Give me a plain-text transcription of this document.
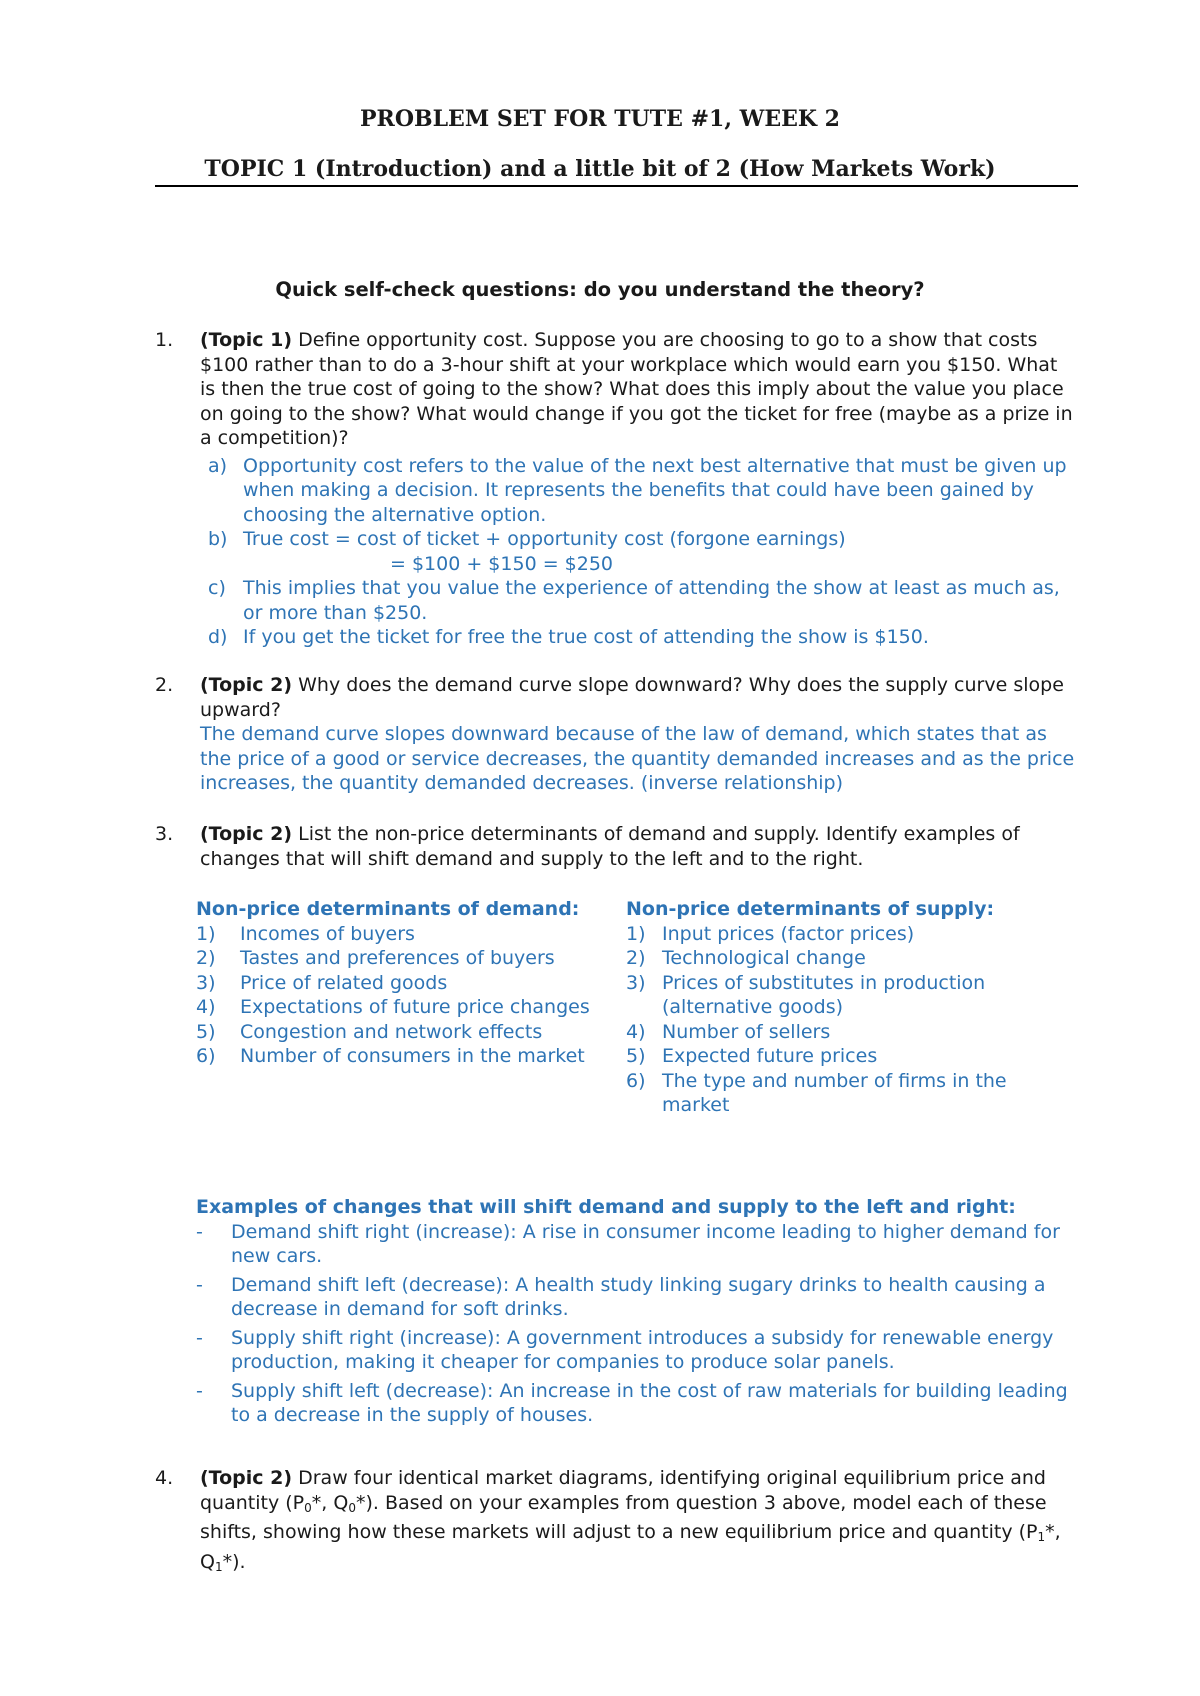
PROBLEM SET FOR TUTE #1, WEEK 2
TOPIC 1 (Introduction) and a little bit of 2 (How Markets Work)
Quick self-check questions: do you understand the theory?
1.	(Topic 1) Define opportunity cost. Suppose you are choosing to go to a show that costs $100 rather than to do a 3-hour shift at your workplace which would earn you $150. What is then the true cost of going to the show? What does this imply about the value you place on going to the show? What would change if you got the ticket for free (maybe as a prize in a competition)?
a) Opportunity cost refers to the value of the next best alternative that must be given up when making a decision. It represents the benefits that could have been gained by choosing the alternative option.
b) True cost = cost of ticket + opportunity cost (forgone earnings)
= $100 + $150 = $250
c) This implies that you value the experience of attending the show at least as much as, or more than $250.
d) If you get the ticket for free the true cost of attending the show is $150.
2.	(Topic 2) Why does the demand curve slope downward? Why does the supply curve slope upward?
The demand curve slopes downward because of the law of demand, which states that as the price of a good or service decreases, the quantity demanded increases and as the price increases, the quantity demanded decreases. (inverse relationship)
3.	(Topic 2) List the non-price determinants of demand and supply. Identify examples of changes that will shift demand and supply to the left and to the right.
Non-price determinants of demand:
1) Incomes of buyers
2) Tastes and preferences of buyers
3) Price of related goods
4) Expectations of future price changes
5) Congestion and network effects
6) Number of consumers in the market
Non-price determinants of supply:
1) Input prices (factor prices)
2) Technological change
3) Prices of substitutes in production (alternative goods)
4) Number of sellers
5) Expected future prices
6) The type and number of firms in the market
Examples of changes that will shift demand and supply to the left and right:
- Demand shift right (increase): A rise in consumer income leading to higher demand for new cars.
- Demand shift left (decrease): A health study linking sugary drinks to health causing a decrease in demand for soft drinks.
- Supply shift right (increase): A government introduces a subsidy for renewable energy production, making it cheaper for companies to produce solar panels.
- Supply shift left (decrease): An increase in the cost of raw materials for building leading to a decrease in the supply of houses.
4.	(Topic 2) Draw four identical market diagrams, identifying original equilibrium price and quantity ($P_0*$, $Q_0*$). Based on your examples from question 3 above, model each of these shifts, showing how these markets will adjust to a new equilibrium price and quantity ($P_1*$, $Q_1*$).
